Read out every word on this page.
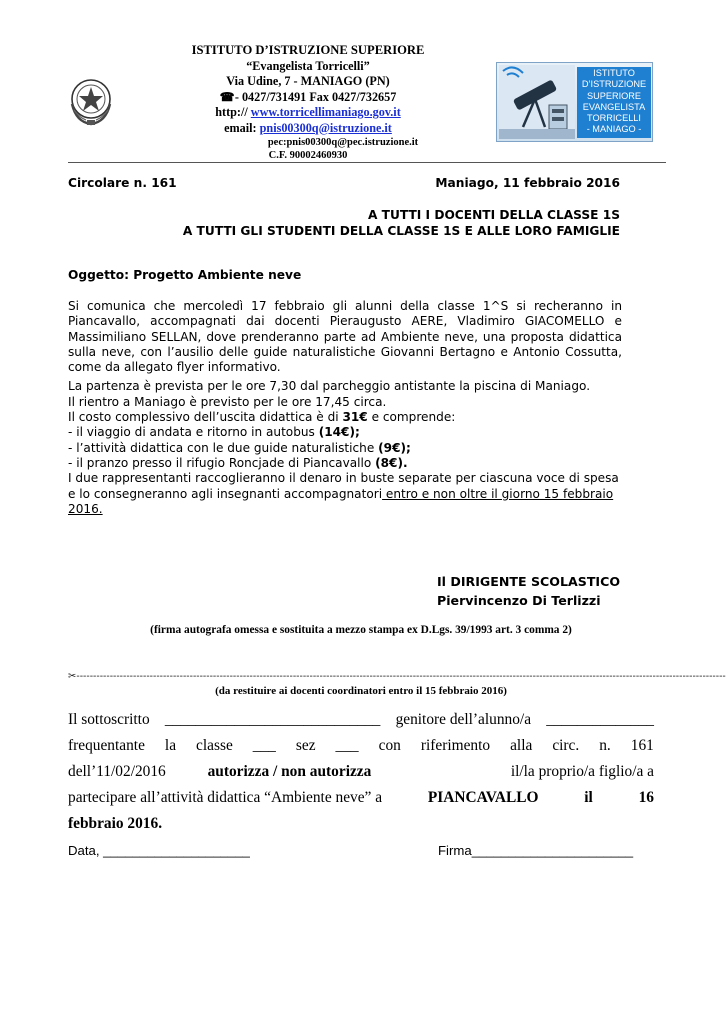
ISTITUTO D’ISTRUZIONE SUPERIORE
“Evangelista Torricelli”
Via Udine, 7 - MANIAGO (PN)
☎- 0427/731491 Fax 0427/732657
http:// www.torricellimaniago.gov.it
email: pnis00300q@istruzione.it
pec:pnis00300q@pec.istruzione.it
C.F. 90002460930
ISTITUTO
D’ISTRUZIONE
SUPERIORE
EVANGELISTA
TORRICELLI
- MANIAGO -
Circolare n. 161	Maniago, 11 febbraio 2016
A TUTTI I DOCENTI DELLA CLASSE 1S
A TUTTI GLI STUDENTI DELLA CLASSE 1S E ALLE LORO FAMIGLIE
Oggetto: Progetto Ambiente neve

Si comunica che mercoledì 17 febbraio gli alunni della classe 1^S si recheranno in Piancavallo, accompagnati dai docenti Pieraugusto AERE, Vladimiro GIACOMELLO e Massimiliano SELLAN, dove prenderanno parte ad Ambiente neve, una proposta didattica sulla neve, con l’ausilio delle guide naturalistiche Giovanni Bertagno e Antonio Cossutta, come da allegato flyer informativo.

La partenza è prevista per le ore 7,30 dal parcheggio antistante la piscina di Maniago.

Il rientro a Maniago è previsto per le ore 17,45 circa.

Il costo complessivo dell’uscita didattica è di 31€ e comprende:

- il viaggio di andata e ritorno in autobus (14€);

- l’attività didattica con le due guide naturalistiche (9€);

- il pranzo presso il rifugio Roncjade di Piancavallo (8€).

I due rappresentanti raccoglieranno il denaro in buste separate per ciascuna voce di spesa e lo consegneranno agli insegnanti accompagnatori entro e non oltre il giorno 15 febbraio 2016.

Il DIRIGENTE SCOLASTICO
Piervincenzo Di Terlizzi
(firma autografa omessa e sostituita a mezzo stampa ex D.Lgs. 39/1993 art. 3 comma 2)
✂---------------------------------------------------------------------------------------------------------------------------------------------------------------------------------------------------
(da restituire ai docenti coordinatori entro il 15 febbraio 2016)
Il sottoscritto ____________________________ genitore dell’alunno/a ______________
frequentante la classe ___ sez ___ con riferimento alla circ. n. 161
dell’11/02/2016	autorizza / non autorizza	il/la proprio/a figlio/a a
partecipare all’attività didattica “Ambiente neve” a	PIANCAVALLO	il	16
febbraio 2016.
Data, ____________________	Firma______________________
